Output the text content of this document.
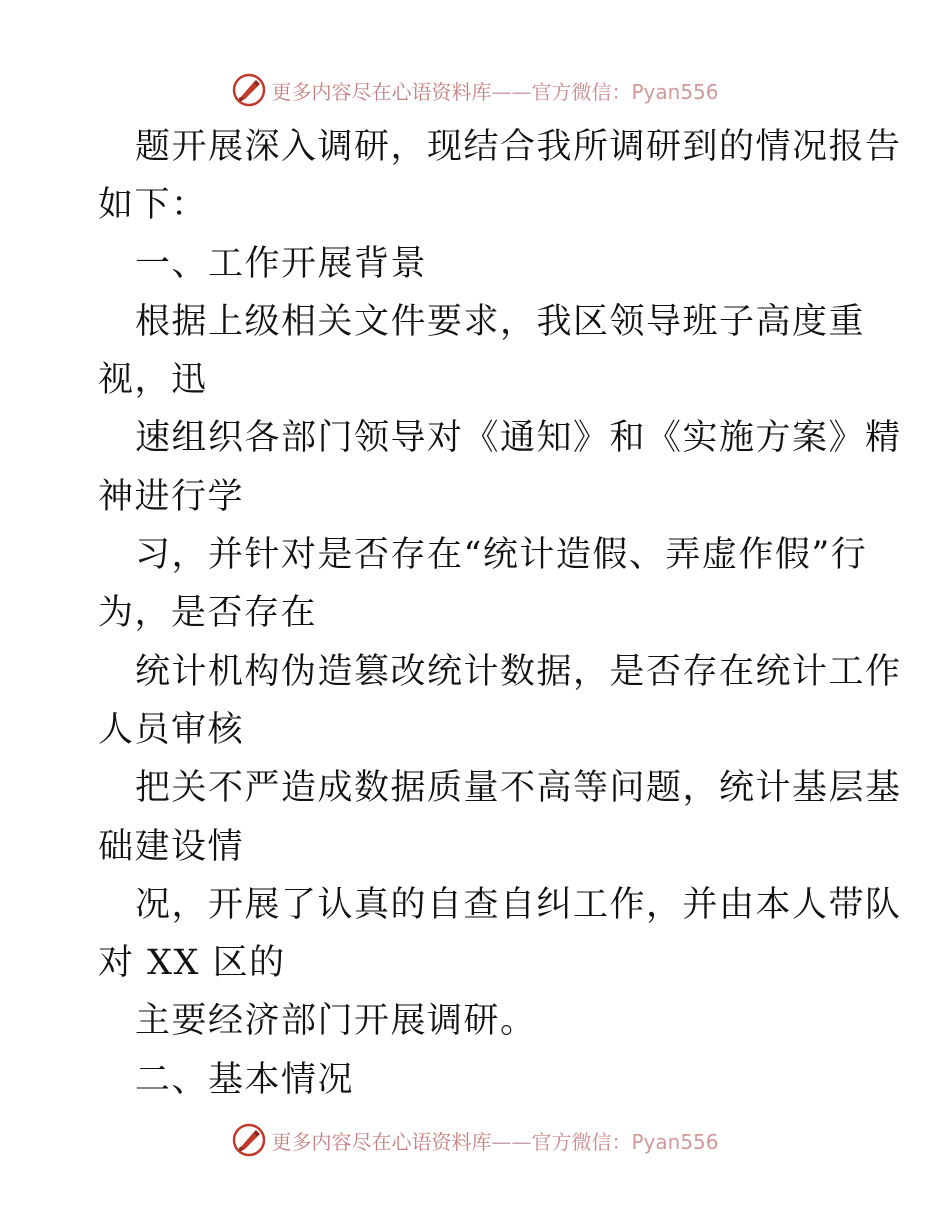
更多内容尽在心语资料库——官方微信：Pyan556
题开展深入调研，现结合我所调研到的情况报告
如下：
一、工作开展背景
根据上级相关文件要求，我区领导班子高度重
视，迅
速组织各部门领导对《通知》和《实施方案》精
神进行学
习，并针对是否存在“统计造假、弄虚作假”行
为，是否存在
统计机构伪造篡改统计数据，是否存在统计工作
人员审核
把关不严造成数据质量不高等问题，统计基层基
础建设情
况，开展了认真的自查自纠工作，并由本人带队
对 XX 区的
主要经济部门开展调研。
二、基本情况
更多内容尽在心语资料库——官方微信：Pyan556
